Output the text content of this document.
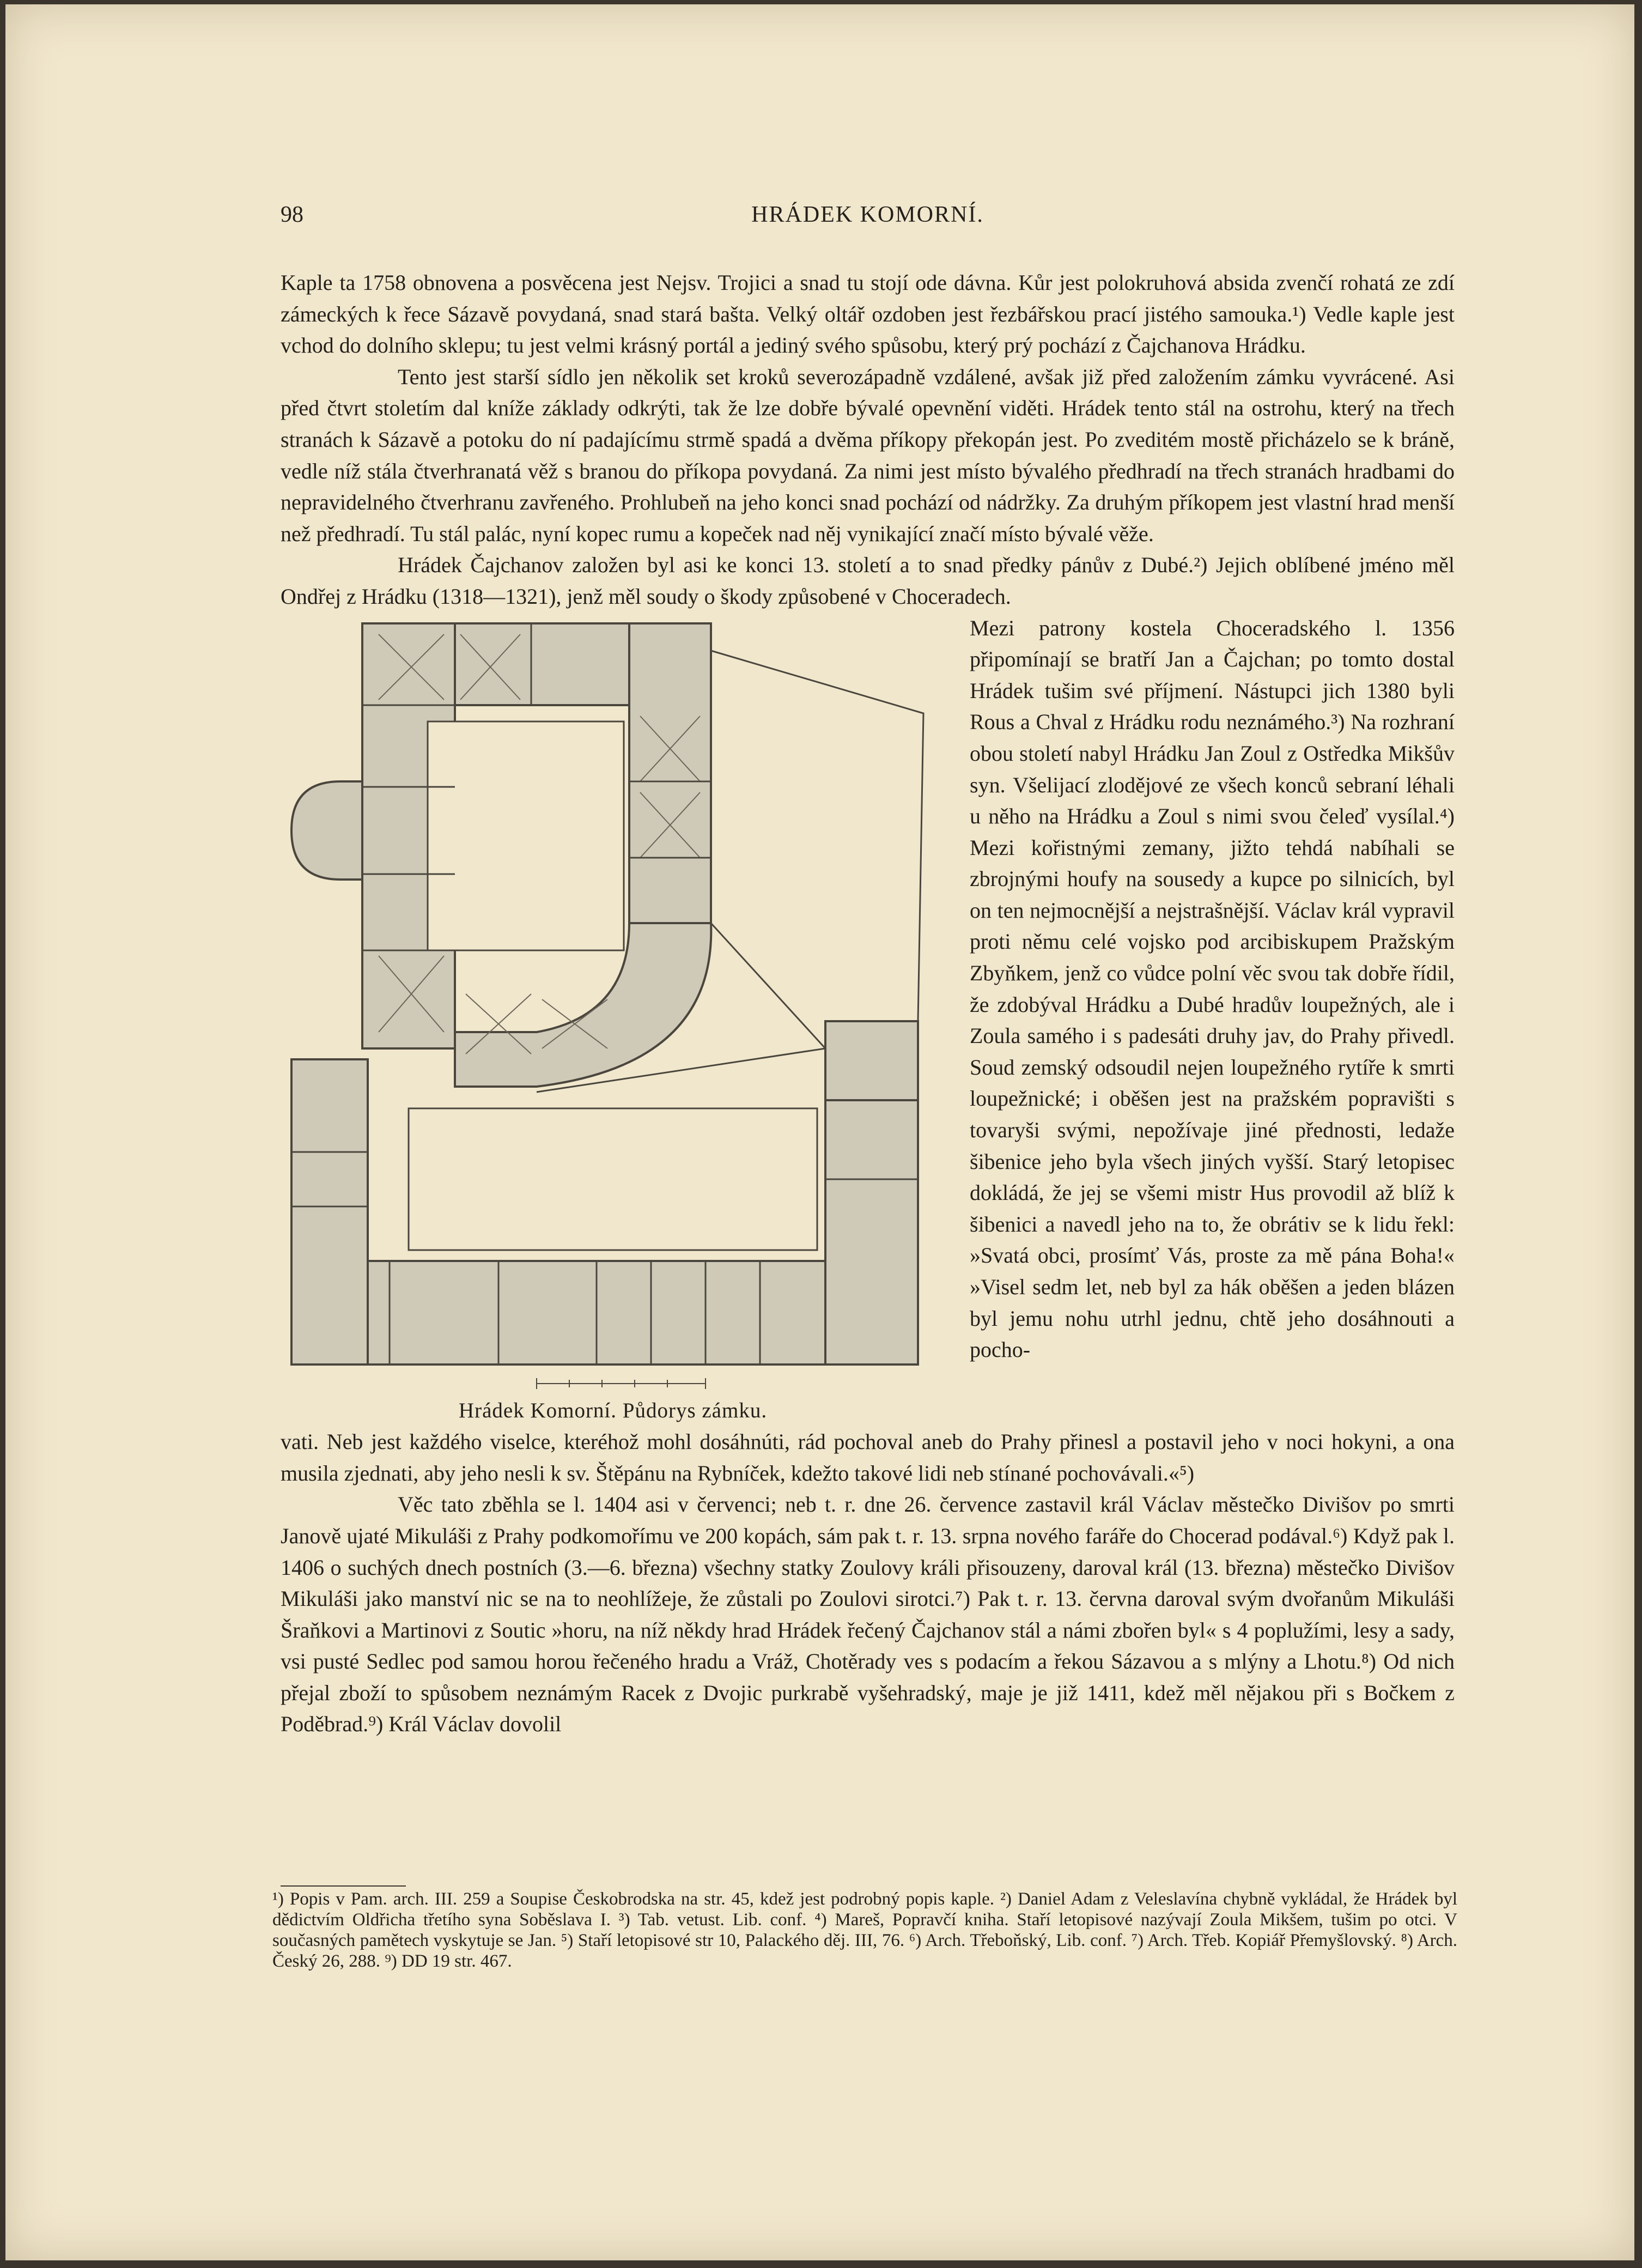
98	HRÁDEK KOMORNÍ.

Kaple ta 1758 obnovena a posvěcena jest Nejsv. Trojici a snad tu stojí ode dávna. Kůr jest polokruhová absida zvenčí rohatá ze zdí zámeckých k řece Sázavě povydaná, snad stará bašta. Velký oltář ozdoben jest řezbářskou prací jistého samouka.¹) Vedle kaple jest vchod do dolního sklepu; tu jest velmi krásný portál a jediný svého spůsobu, který prý pochází z Čajchanova Hrádku.

Tento jest starší sídlo jen několik set kroků severozápadně vzdálené, avšak již před založením zámku vyvrácené. Asi před čtvrt stoletím dal kníže základy odkrýti, tak že lze dobře bývalé opevnění viděti. Hrádek tento stál na ostrohu, který na třech stranách k Sázavě a potoku do ní padajícímu strmě spadá a dvěma příkopy překopán jest. Po zveditém mostě přicházelo se k bráně, vedle níž stála čtverhranatá věž s branou do příkopa povydaná. Za nimi jest místo bývalého předhradí na třech stranách hradbami do nepravidelného čtverhranu zavřeného. Prohlubeň na jeho konci snad pochází od nádržky. Za druhým příkopem jest vlastní hrad menší než předhradí. Tu stál palác, nyní kopec rumu a kopeček nad něj vynikající značí místo bývalé věže.

Hrádek Čajchanov založen byl asi ke konci 13. století a to snad předky pánův z Dubé.²) Jejich oblíbené jméno měl Ondřej z Hrádku (1318—1321), jenž měl soudy o škody způsobené v Choceradech.

Hrádek Komorní. Půdorys zámku.
Mezi patrony kostela Choceradského l. 1356 připomínají se bratří Jan a Čajchan; po tomto dostal Hrádek tušim své příjmení. Nástupci jich 1380 byli Rous a Chval z Hrádku rodu neznámého.³) Na rozhraní obou století nabyl Hrádku Jan Zoul z Ostředka Mikšův syn. Všelijací zlodějové ze všech konců sebraní léhali u něho na Hrádku a Zoul s nimi svou čeleď vysílal.⁴) Mezi kořistnými zemany, jižto tehdá nabíhali se zbrojnými houfy na sousedy a kupce po silnicích, byl on ten nejmocnější a nejstrašnější. Václav král vypravil proti němu celé vojsko pod arcibiskupem Pražským Zbyňkem, jenž co vůdce polní věc svou tak dobře řídil, že zdobýval Hrádku a Dubé hradův loupežných, ale i Zoula samého i s padesáti druhy jav, do Prahy přivedl. Soud zemský odsoudil nejen loupežného rytíře k smrti loupežnické; i oběšen jest na pražském popravišti s tovaryši svými, nepožívaje jiné přednosti, ledaže šibenice jeho byla všech jiných vyšší. Starý letopisec dokládá, že jej se všemi mistr Hus provodil až blíž k šibenici a navedl jeho na to, že obrátiv se k lidu řekl: »Svatá obci, prosímť Vás, proste za mě pána Boha!« »Visel sedm let, neb byl za hák oběšen a jeden blázen byl jemu nohu utrhl jednu, chtě jeho dosáhnouti a pocho-

vati. Neb jest každého viselce, kteréhož mohl dosáhnúti, rád pochoval aneb do Prahy přinesl a postavil jeho v noci hokyni, a ona musila zjednati, aby jeho nesli k sv. Štěpánu na Rybníček, kdežto takové lidi neb stínané pochovávali.«⁵)

Věc tato zběhla se l. 1404 asi v červenci; neb t. r. dne 26. července zastavil král Václav městečko Divišov po smrti Janově ujaté Mikuláši z Prahy podkomořímu ve 200 kopách, sám pak t. r. 13. srpna nového faráře do Chocerad podával.⁶) Když pak l. 1406 o suchých dnech postních (3.—6. března) všechny statky Zoulovy králi přisouzeny, daroval král (13. března) městečko Divišov Mikuláši jako manství nic se na to neohlížeje, že zůstali po Zoulovi sirotci.⁷) Pak t. r. 13. června daroval svým dvořanům Mikuláši Šraňkovi a Martinovi z Soutic »horu, na níž někdy hrad Hrádek řečený Čajchanov stál a námi zbořen byl« s 4 poplužími, lesy a sady, vsi pusté Sedlec pod samou horou řečeného hradu a Vráž, Chotěrady ves s podacím a řekou Sázavou a s mlýny a Lhotu.⁸) Od nich přejal zboží to spůsobem neznámým Racek z Dvojic purkrabě vyšehradský, maje je již 1411, kdež měl nějakou při s Bočkem z Poděbrad.⁹) Král Václav dovolil

¹) Popis v Pam. arch. III. 259 a Soupise Českobrodska na str. 45, kdež jest podrobný popis kaple. ²) Daniel Adam z Veleslavína chybně vykládal, že Hrádek byl dědictvím Oldřicha třetího syna Soběslava I. ³) Tab. vetust. Lib. conf. ⁴) Mareš, Popravčí kniha. Staří letopisové nazývají Zoula Mikšem, tušim po otci. V současných pamětech vyskytuje se Jan. ⁵) Staří letopisové str 10, Palackého děj. III, 76. ⁶) Arch. Třeboňský, Lib. conf. ⁷) Arch. Třeb. Kopiář Přemyšlovský. ⁸) Arch. Český 26, 288. ⁹) DD 19 str. 467.
